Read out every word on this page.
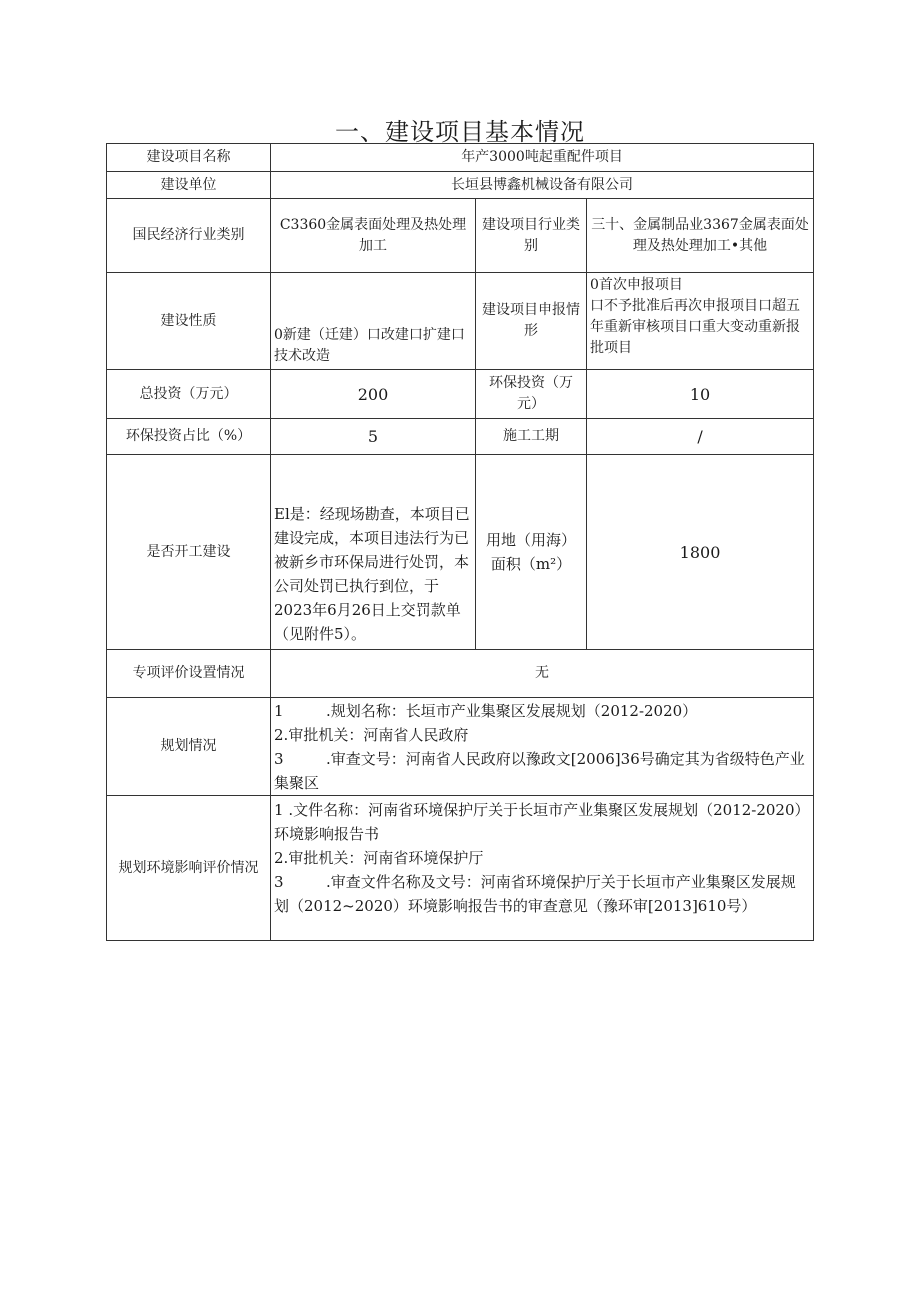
一、建设项目基本情况
建设项目名称	年产3000吨起重配件项目		
建设单位	长垣县博鑫机械设备有限公司		
国民经济行业类别	C3360金属表面处理及热处理加工	建设项目行业类别	三十、金属制品业3367金属表面处理及热处理加工•其他
建设性质	0新建（迁建）口改建口扩建口技术改造	建设项目申报情形	0首次申报项目
口不予批准后再次申报项目口超五年重新审核项目口重大变动重新报批项目

总投资（万元）	200	环保投资（万元）	10
环保投资占比（%）	5	施工工期	/
是否开工建设	El是：经现场勘查，本项目已建设完成，本项目违法行为已被新乡市环保局进行处罚，本公司处罚已执行到位，于2023年6月26日上交罚款单（见附件5）。	用地（用海）面积（m²）	1800
专项评价设置情况	无		
规划情况	1 .规划名称：长垣市产业集聚区发展规划（2012-2020）
2.审批机关：河南省人民政府
3 .审查文号：河南省人民政府以豫政文[2006]36号确定其为省级特色产业集聚区		

规划环境影响评价情况	1 .文件名称：河南省环境保护厅关于长垣市产业集聚区发展规划（2012-2020）环境影响报告书
2.审批机关：河南省环境保护厅
3 .审查文件名称及文号：河南省环境保护厅关于长垣市产业集聚区发展规划（2012~2020）环境影响报告书的审查意见（豫环审[2013]610号）		
